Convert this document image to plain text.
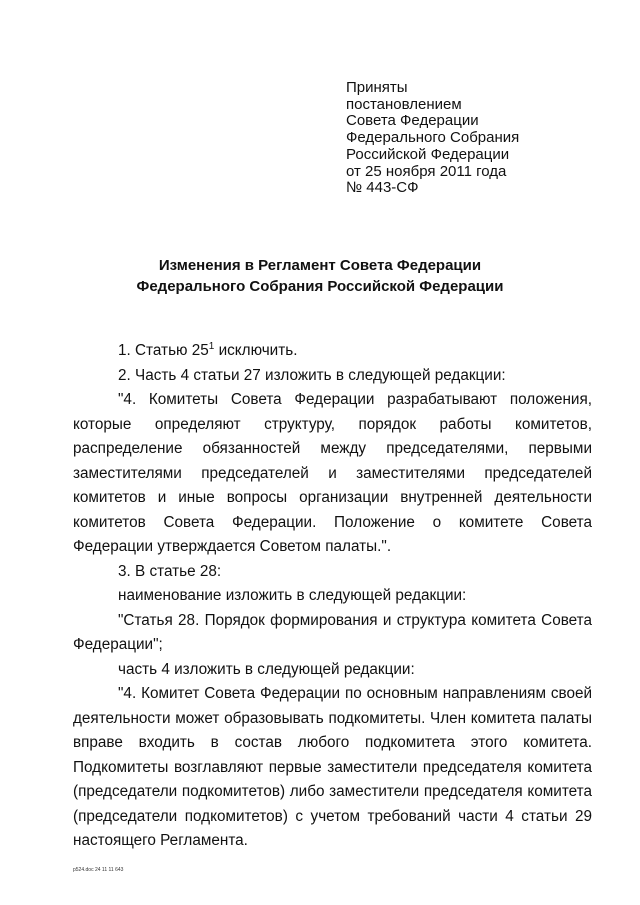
Приняты
постановлением
Совета Федерации
Федерального Собрания
Российской Федерации
от 25 ноября 2011 года
№ 443-СФ
Изменения в Регламент Совета Федерации
Федерального Собрания Российской Федерации

1. Статью $25^1$ исключить.

2. Часть 4 статьи 27 изложить в следующей редакции:

"4. Комитеты Совета Федерации разрабатывают положения,
которые определяют структуру, порядок работы комитетов,
распределение обязанностей между председателями, первыми
заместителями председателей и заместителями председателей
комитетов и иные вопросы организации внутренней деятельности
комитетов Совета Федерации. Положение о комитете Совета
Федерации утверждается Советом палаты.".

3. В статье 28:

наименование изложить в следующей редакции:

"Статья 28. Порядок формирования и структура комитета Совета
Федерации";

часть 4 изложить в следующей редакции:

"4. Комитет Совета Федерации по основным направлениям своей
деятельности может образовывать подкомитеты. Член комитета палаты
вправе входить в состав любого подкомитета этого комитета.
Подкомитеты возглавляют первые заместители председателя комитета
(председатели подкомитетов) либо заместители председателя комитета
(председатели подкомитетов) с учетом требований части 4 статьи 29
настоящего Регламента.
p524.doc 24 11 11 643
